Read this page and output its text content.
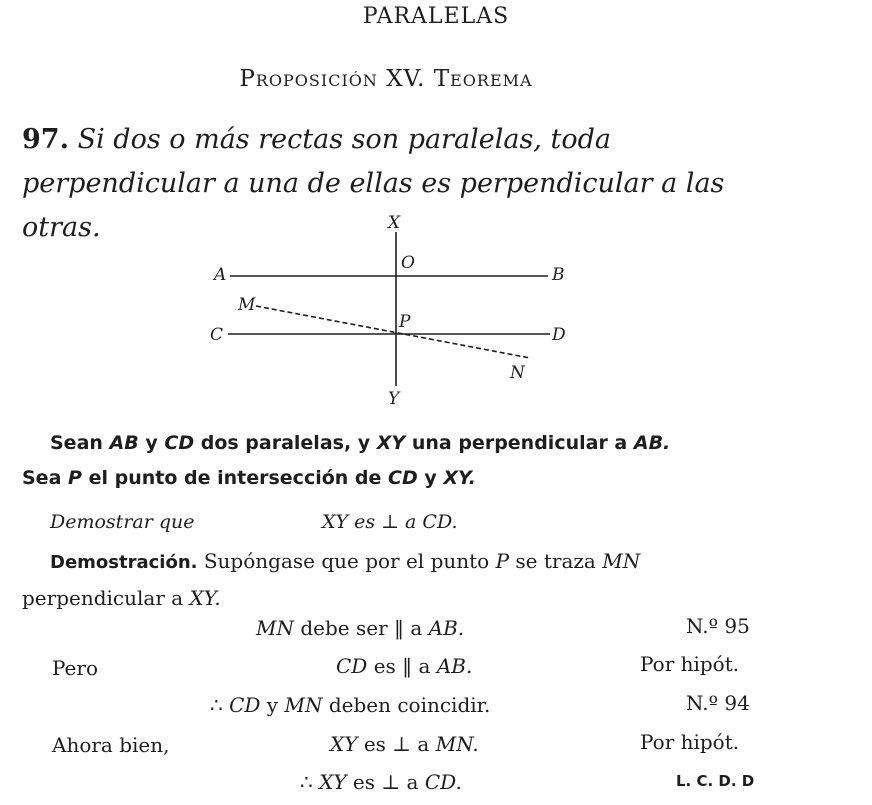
PARALELAS
Proposición XV. Teorema
97. Si dos o más rectas son paralelas, toda perpendicular a una de ellas es perpendicular a las otras.	X
O
A	B
M
P
C	D
N
Y
Sean AB y CD dos paralelas, y XY una perpendicular a AB.
Sea P el punto de intersección de CD y XY.
Demostrar que	XY es ⊥ a CD.
Demostración. Supóngase que por el punto P se traza MN
perpendicular a XY.
MN debe ser ‖ a AB.	N.º 95
Pero	CD es ‖ a AB.	Por hipót.
∴ CD y MN deben coincidir.	N.º 94
Ahora bien,	XY es ⊥ a MN.	Por hipót.
∴ XY es ⊥ a CD.	L. C. D. D
